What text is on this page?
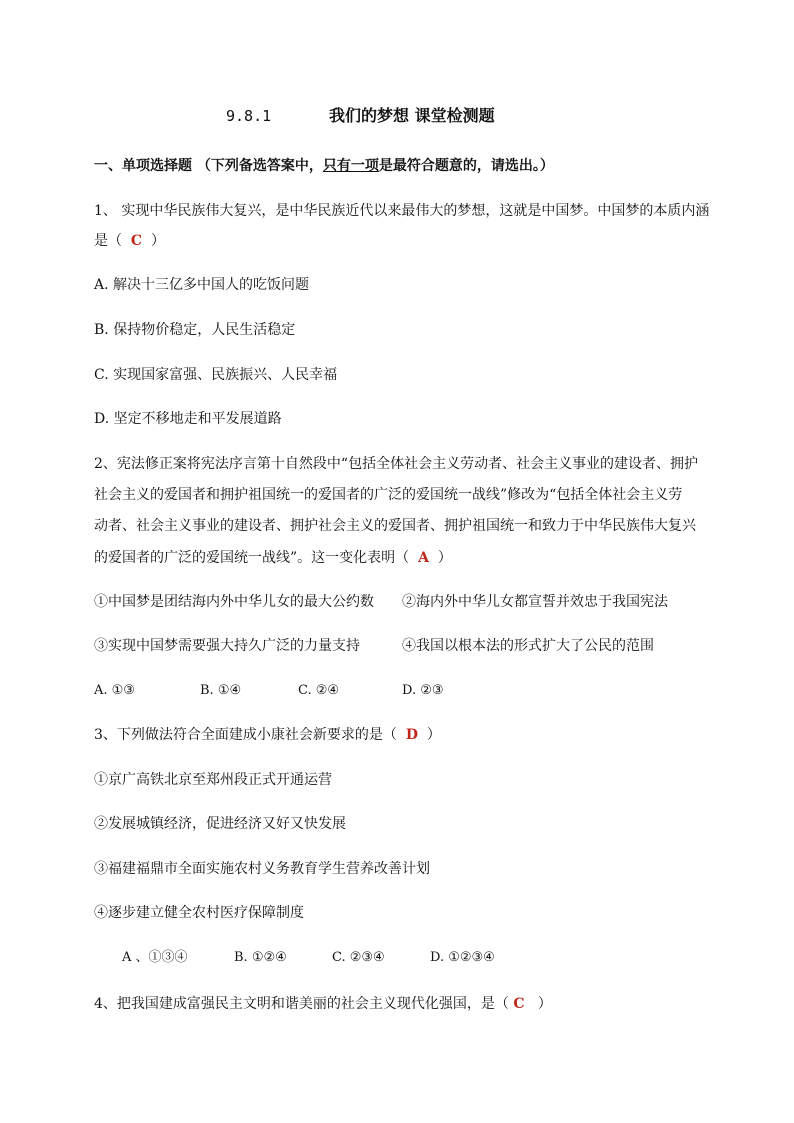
9.8.1	我们的梦想 课堂检测题
一、单项选择题 （下列备选答案中，只有一项是最符合题意的，请选出。）
1、 实现中华民族伟大复兴，是中华民族近代以来最伟大的梦想，这就是中国梦。中国梦的本质内涵
是（ C ）
A. 解决十三亿多中国人的吃饭问题
B. 保持物价稳定，人民生活稳定
C. 实现国家富强、民族振兴、人民幸福
D. 坚定不移地走和平发展道路
2、宪法修正案将宪法序言第十自然段中“包括全体社会主义劳动者、社会主义事业的建设者、拥护
社会主义的爱国者和拥护祖国统一的爱国者的广泛的爱国统一战线”修改为“包括全体社会主义劳
动者、社会主义事业的建设者、拥护社会主义的爱国者、拥护祖国统一和致力于中华民族伟大复兴
的爱国者的广泛的爱国统一战线”。这一变化表明（ A ）
①中国梦是团结海内外中华儿女的最大公约数 ②海内外中华儿女都宣誓并效忠于我国宪法
③实现中国梦需要强大持久广泛的力量支持	④我国以根本法的形式扩大了公民的范围
A. ①③	B. ①④	C. ②④	D. ②③
3、下列做法符合全面建成小康社会新要求的是（ D ）
①京广高铁北京至郑州段正式开通运营
②发展城镇经济，促进经济又好又快发展
③福建福鼎市全面实施农村义务教育学生营养改善计划
④逐步建立健全农村医疗保障制度
A 、①③④	B. ①②④	C. ②③④	D. ①②③④
4、把我国建成富强民主文明和谐美丽的社会主义现代化强国，是（ C ）
